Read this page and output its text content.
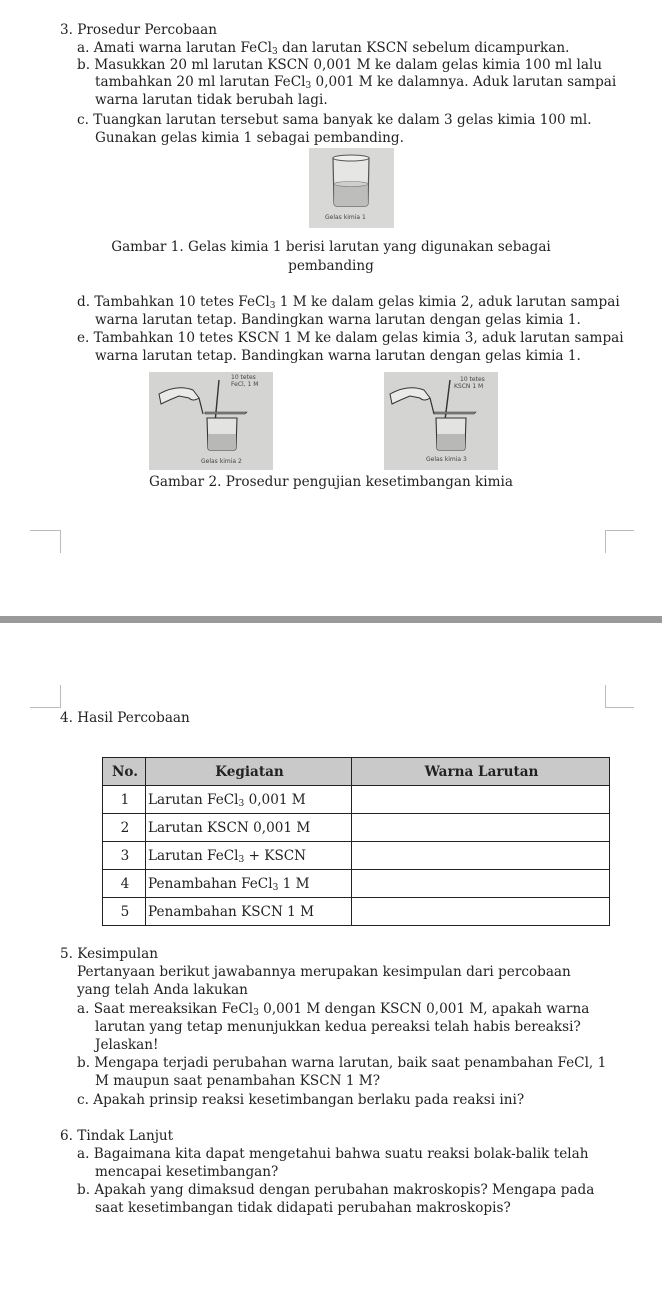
3. Prosedur Percobaan
a. Amati warna larutan FeCl$_3$ dan larutan KSCN sebelum dicampurkan.
b. Masukkan 20 ml larutan KSCN 0,001 M ke dalam gelas kimia 100 ml lalu
tambahkan 20 ml larutan FeCl$_3$ 0,001 M ke dalamnya. Aduk larutan sampai
warna larutan tidak berubah lagi.
c. Tuangkan larutan tersebut sama banyak ke dalam 3 gelas kimia 100 ml.
Gunakan gelas kimia 1 sebagai pembanding.
Gelas kimia 1
Gambar 1. Gelas kimia 1 berisi larutan yang digunakan sebagai
pembanding
d. Tambahkan 10 tetes FeCl$_3$ 1 M ke dalam gelas kimia 2, aduk larutan sampai
warna larutan tetap. Bandingkan warna larutan dengan gelas kimia 1.
e. Tambahkan 10 tetes KSCN 1 M ke dalam gelas kimia 3, aduk larutan sampai
warna larutan tetap. Bandingkan warna larutan dengan gelas kimia 1.
10 tetes
FeCl, 1 M
Gelas kimia 2
10 tetes
KSCN 1 M
Gelas kimia 3
Gambar 2. Prosedur pengujian kesetimbangan kimia
4. Hasil Percobaan
No.	Kegiatan	Warna Larutan
1	Larutan FeCl$_3$ 0,001 M	
2	Larutan KSCN 0,001 M	
3	Larutan FeCl$_3$ + KSCN	
4	Penambahan FeCl$_3$ 1 M	
5	Penambahan KSCN 1 M	
5. Kesimpulan
Pertanyaan berikut jawabannya merupakan kesimpulan dari percobaan
yang telah Anda lakukan
a. Saat mereaksikan FeCl$_3$ 0,001 M dengan KSCN 0,001 M, apakah warna
larutan yang tetap menunjukkan kedua pereaksi telah habis bereaksi?
Jelaskan!
b. Mengapa terjadi perubahan warna larutan, baik saat penambahan FeCl, 1
M maupun saat penambahan KSCN 1 M?
c. Apakah prinsip reaksi kesetimbangan berlaku pada reaksi ini?
6. Tindak Lanjut
a. Bagaimana kita dapat mengetahui bahwa suatu reaksi bolak-balik telah
mencapai kesetimbangan?
b. Apakah yang dimaksud dengan perubahan makroskopis? Mengapa pada
saat kesetimbangan tidak didapati perubahan makroskopis?
